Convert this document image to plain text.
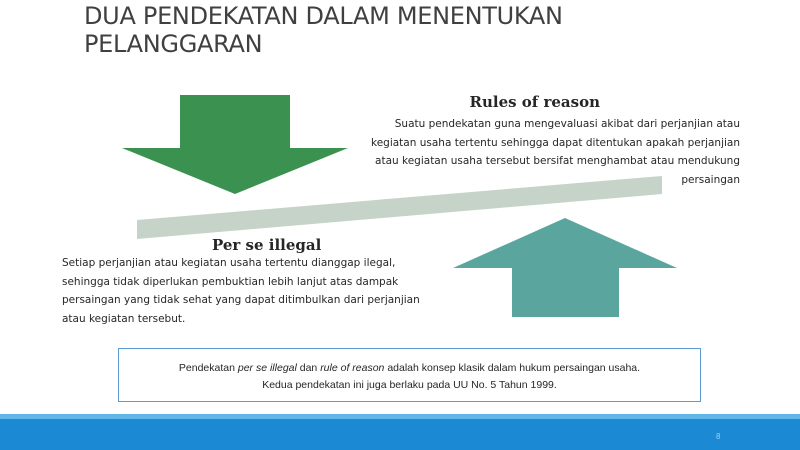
DUA PENDEKATAN DALAM MENENTUKAN
PELANGGARAN
Rules of reason
Suatu pendekatan guna mengevaluasi akibat dari perjanjian atau
kegiatan usaha tertentu sehingga dapat ditentukan apakah perjanjian
atau kegiatan usaha tersebut bersifat menghambat atau mendukung
persaingan
Per se illegal
Setiap perjanjian atau kegiatan usaha tertentu dianggap ilegal,
sehingga tidak diperlukan pembuktian lebih lanjut atas dampak
persaingan yang tidak sehat yang dapat ditimbulkan dari perjanjian
atau kegiatan tersebut.
Pendekatan per se illegal dan rule of reason adalah konsep klasik dalam hukum persaingan usaha.
Kedua pendekatan ini juga berlaku pada UU No. 5 Tahun 1999.
8
